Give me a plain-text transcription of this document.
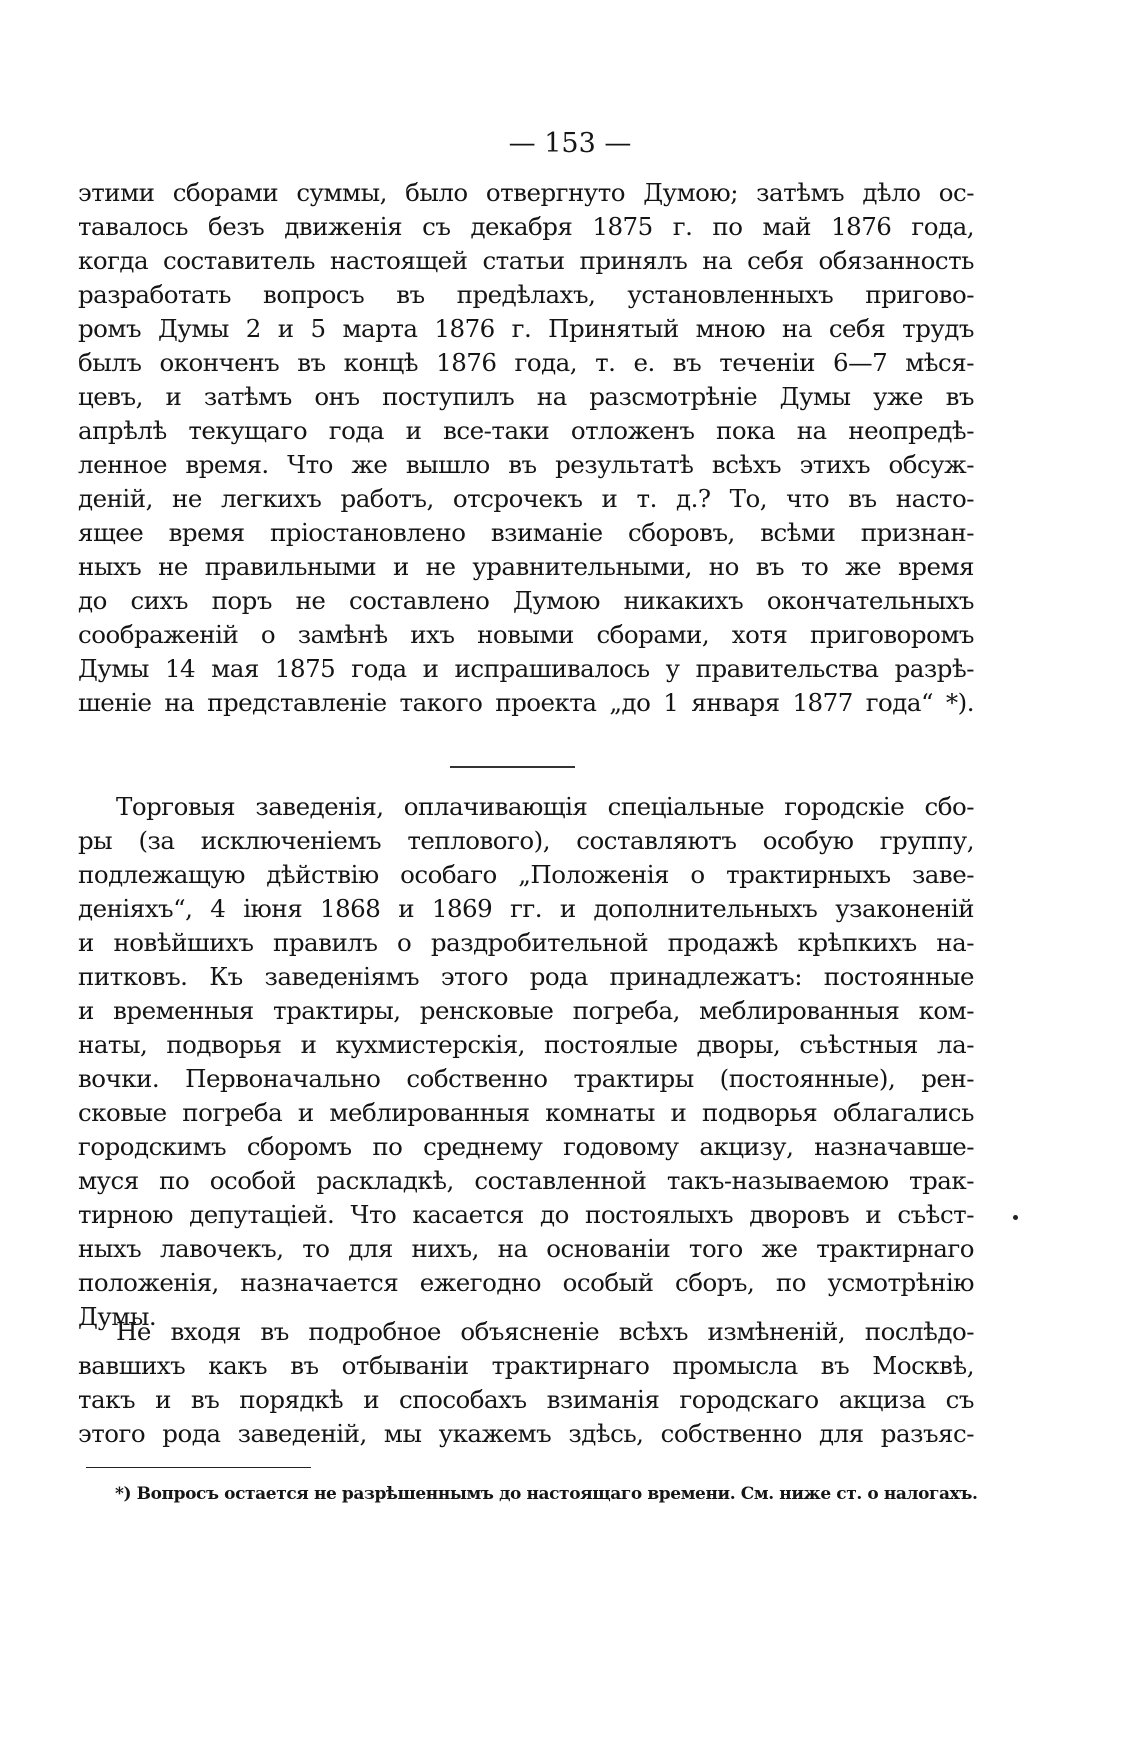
— 153 —
этими сборами суммы, было отвергнуто Думою; затѣмъ дѣло ос-
тавалось безъ движенія съ декабря 1875 г. по май 1876 года,
когда составитель настоящей статьи принялъ на себя обязанность
разработать вопросъ въ предѣлахъ, установленныхъ пригово-
ромъ Думы 2 и 5 марта 1876 г. Принятый мною на себя трудъ
былъ оконченъ въ концѣ 1876 года, т. е. въ теченіи 6—7 мѣся-
цевъ, и затѣмъ онъ поступилъ на разсмотрѣніе Думы уже въ
апрѣлѣ текущаго года и все-таки отложенъ пока на неопредѣ-
ленное время. Что же вышло въ результатѣ всѣхъ этихъ обсуж-
деній, не легкихъ работъ, отсрочекъ и т. д.? То, что въ насто-
ящее время пріостановлено взиманіе сборовъ, всѣми признан-
ныхъ не правильными и не уравнительными, но въ то же время
до сихъ поръ не составлено Думою никакихъ окончательныхъ
соображеній о замѣнѣ ихъ новыми сборами, хотя приговоромъ
Думы 14 мая 1875 года и испрашивалось у правительства разрѣ-
шеніе на представленіе такого проекта „до 1 января 1877 года“ *).
Торговыя заведенія, оплачивающія спеціальные городскіе сбо-
ры (за исключеніемъ теплового), составляютъ особую группу,
подлежащую дѣйствію особаго „Положенія о трактирныхъ заве-
деніяхъ“, 4 іюня 1868 и 1869 гг. и дополнительныхъ узаконеній
и новѣйшихъ правилъ о раздробительной продажѣ крѣпкихъ на-
питковъ. Къ заведеніямъ этого рода принадлежатъ: постоянные
и временныя трактиры, ренсковые погреба, меблированныя ком-
наты, подворья и кухмистерскія, постоялые дворы, съѣстныя ла-
вочки. Первоначально собственно трактиры (постоянные), рен-
сковые погреба и меблированныя комнаты и подворья облагались
городскимъ сборомъ по среднему годовому акцизу, назначавше-
муся по особой раскладкѣ, составленной такъ-называемою трак-
тирною депутаціей. Что касается до постоялыхъ дворовъ и съѣст-
ныхъ лавочекъ, то для нихъ, на основаніи того же трактирнаго
положенія, назначается ежегодно особый сборъ, по усмотрѣнію
Думы.
Не входя въ подробное объясненіе всѣхъ измѣненій, послѣдо-
вавшихъ какъ въ отбываніи трактирнаго промысла въ Москвѣ,
такъ и въ порядкѣ и способахъ взиманія городскаго акциза съ
этого рода заведеній, мы укажемъ здѣсь, собственно для разъяс-
*) Вопросъ остается не разрѣшеннымъ до настоящаго времени. См. ниже ст. о налогахъ.
